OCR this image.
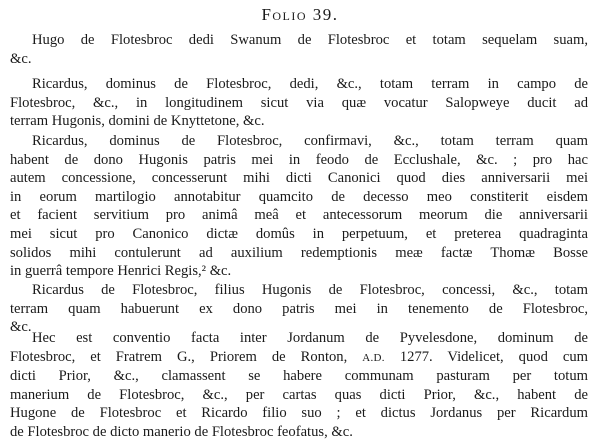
Folio 39.
Hugo de Flotesbroc dedi Swanum de Flotesbroc et totam sequelam suam,
&c.
Ricardus, dominus de Flotesbroc, dedi, &c., totam terram in campo de
Flotesbroc, &c., in longitudinem sicut via quæ vocatur Salopweye ducit ad
terram Hugonis, domini de Knyttetone, &c.
Ricardus, dominus de Flotesbroc, confirmavi, &c., totam terram quam
habent de dono Hugonis patris mei in feodo de Ecclushale, &c. ; pro hac
autem concessione, concesserunt mihi dicti Canonici quod dies anniversarii mei
in eorum martilogio annotabitur quamcito de decesso meo constiterit eisdem
et facient servitium pro animâ meâ et antecessorum meorum die anniversarii
mei sicut pro Canonico dictæ domûs in perpetuum, et preterea quadraginta
solidos mihi contulerunt ad auxilium redemptionis meæ factæ Thomæ Bosse
in guerrâ tempore Henrici Regis,² &c.
Ricardus de Flotesbroc, filius Hugonis de Flotesbroc, concessi, &c., totam
terram quam habuerunt ex dono patris mei in tenemento de Flotesbroc,
&c.
Hec est conventio facta inter Jordanum de Pyvelesdone, dominum de
Flotesbroc, et Fratrem G., Priorem de Ronton, A.D. 1277. Videlicet, quod cum
dicti Prior, &c., clamassent se habere communam pasturam per totum
manerium de Flotesbroc, &c., per cartas quas dicti Prior, &c., habent de
Hugone de Flotesbroc et Ricardo filio suo ; et dictus Jordanus per Ricardum
de Flotesbroc de dicto manerio de Flotesbroc feofatus, &c.
